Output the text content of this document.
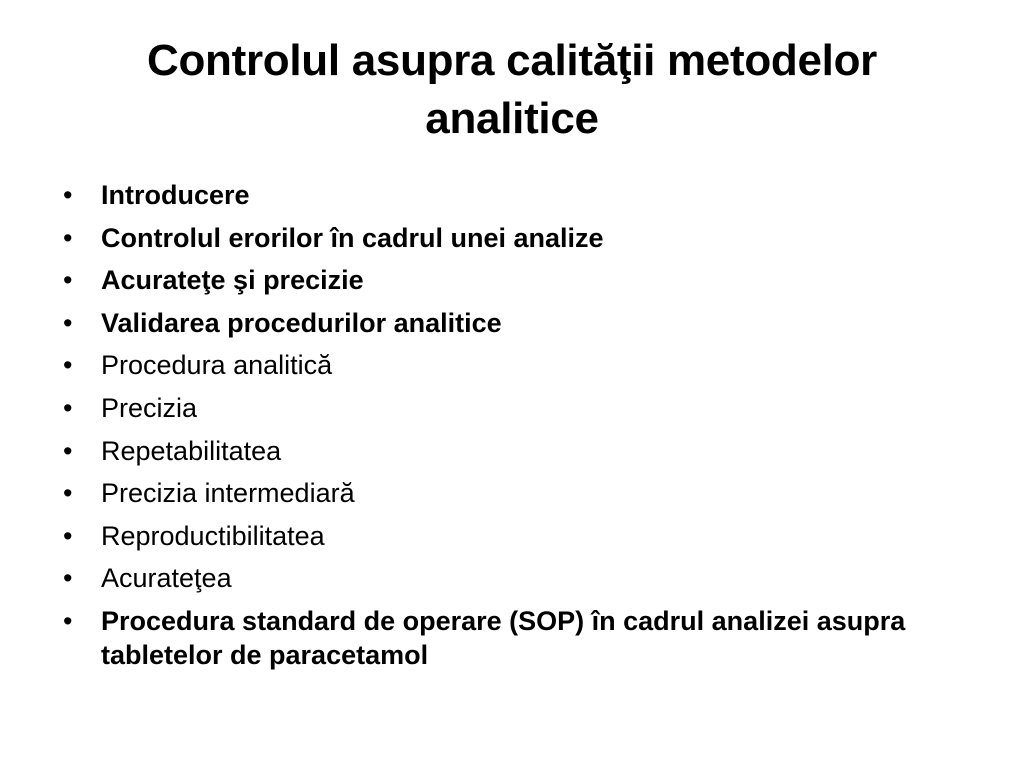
Controlul asupra calităţii metodelor analitice
•	Introducere
•	Controlul erorilor în cadrul unei analize
•	Acurateţe şi precizie
•	Validarea procedurilor analitice
•	Procedura analitică
•	Precizia
•	Repetabilitatea
•	Precizia intermediară
•	Reproductibilitatea
•	Acurateţea
•	Procedura standard de operare (SOP) în cadrul analizei asupra tabletelor de paracetamol
